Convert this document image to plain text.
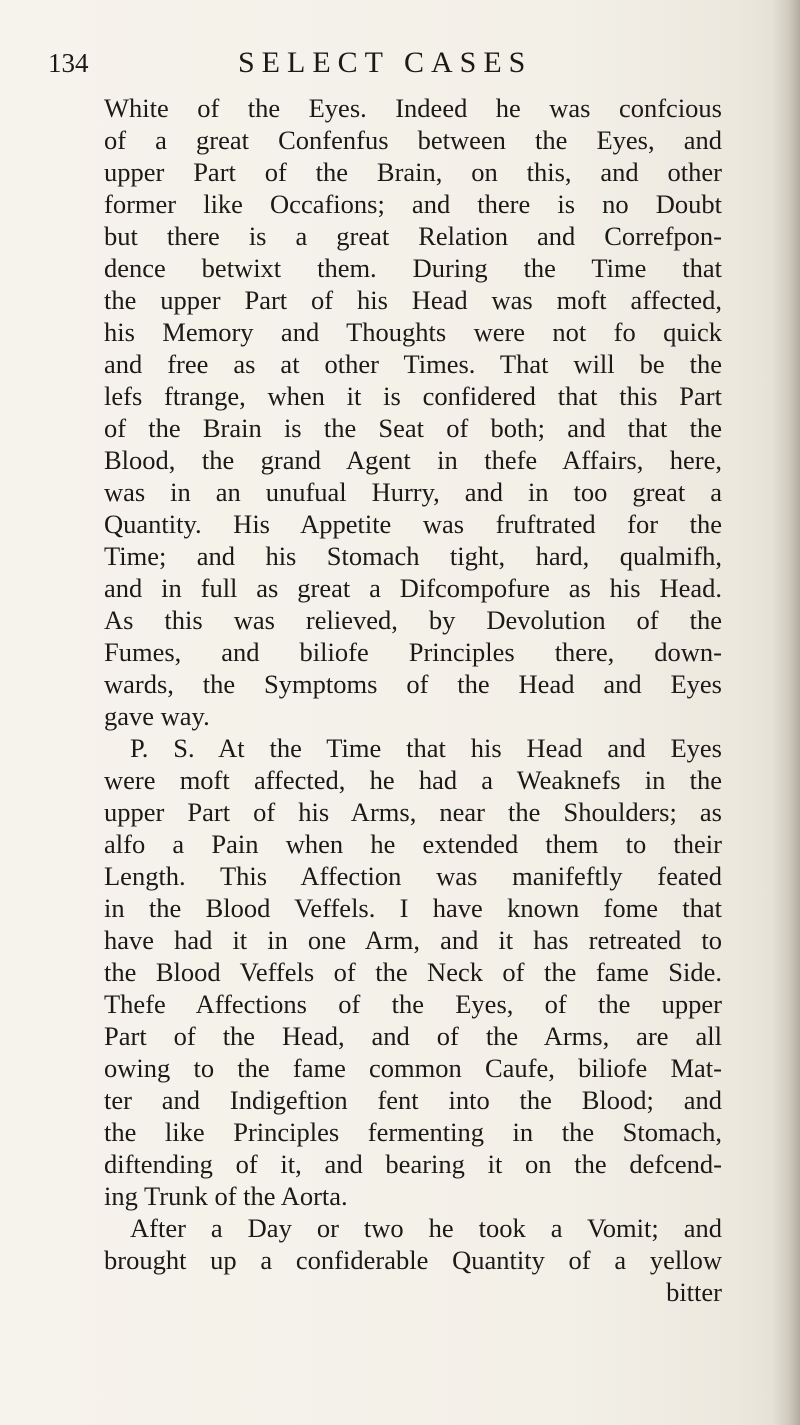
134	SELECT CASES
White of the Eyes. Indeed he was confcious
of a great Confenfus between the Eyes, and
upper Part of the Brain, on this, and other
former like Occafions; and there is no Doubt
but there is a great Relation and Correfpon-
dence betwixt them. During the Time that
the upper Part of his Head was moft affected,
his Memory and Thoughts were not fo quick
and free as at other Times. That will be the
lefs ftrange, when it is confidered that this Part
of the Brain is the Seat of both; and that the
Blood, the grand Agent in thefe Affairs, here,
was in an unufual Hurry, and in too great a
Quantity. His Appetite was fruftrated for the
Time; and his Stomach tight, hard, qualmifh,
and in full as great a Difcompofure as his Head.
As this was relieved, by Devolution of the
Fumes, and biliofe Principles there, down-
wards, the Symptoms of the Head and Eyes
gave way.
P. S. At the Time that his Head and Eyes
were moft affected, he had a Weaknefs in the
upper Part of his Arms, near the Shoulders; as
alfo a Pain when he extended them to their
Length. This Affection was manifeftly feated
in the Blood Veffels. I have known fome that
have had it in one Arm, and it has retreated to
the Blood Veffels of the Neck of the fame Side.
Thefe Affections of the Eyes, of the upper
Part of the Head, and of the Arms, are all
owing to the fame common Caufe, biliofe Mat-
ter and Indigeftion fent into the Blood; and
the like Principles fermenting in the Stomach,
diftending of it, and bearing it on the defcend-
ing Trunk of the Aorta.
After a Day or two he took a Vomit; and
brought up a confiderable Quantity of a yellow
bitter
